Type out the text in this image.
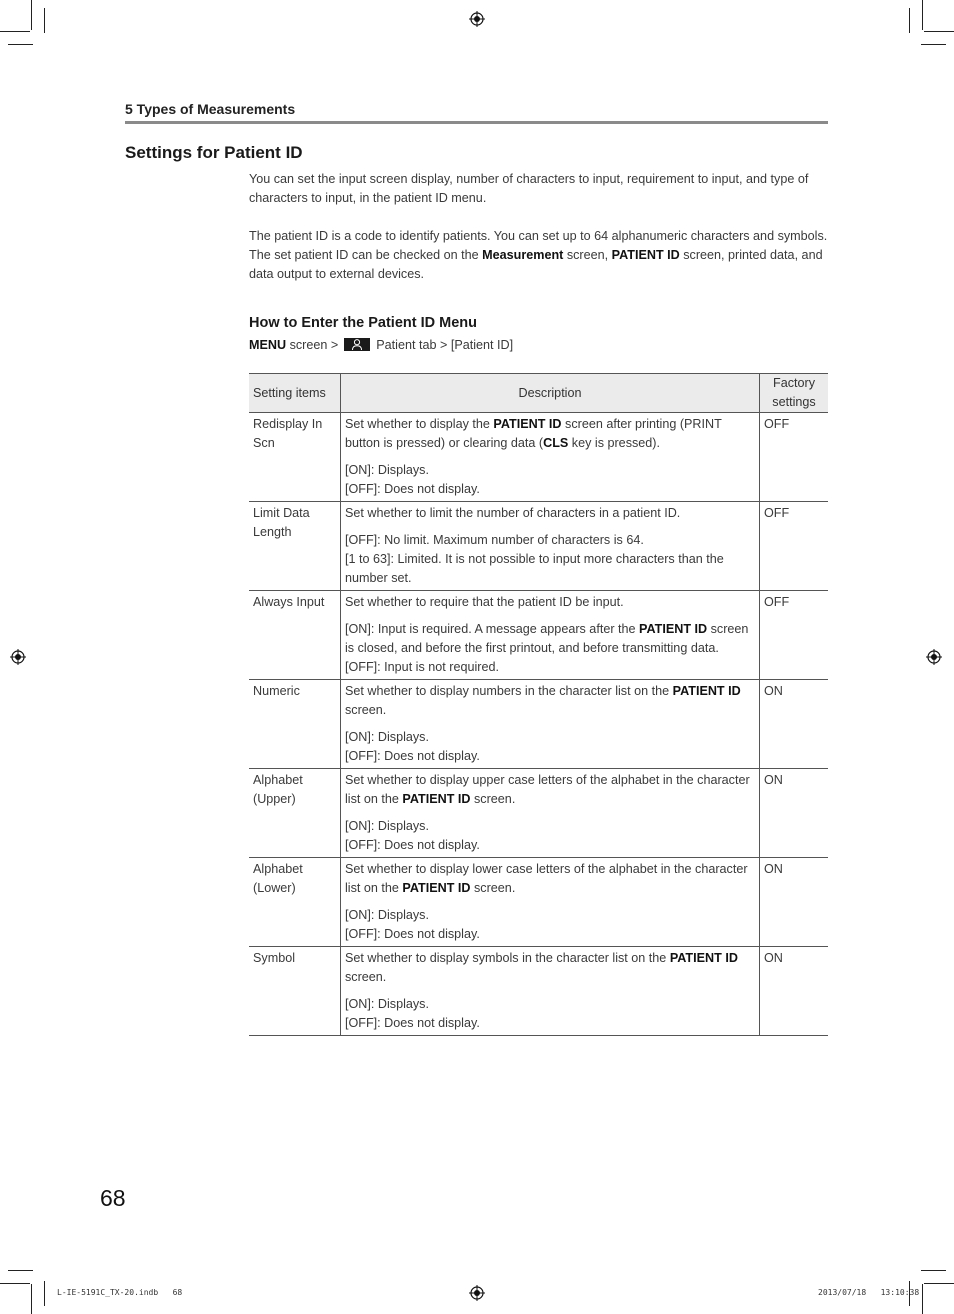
5 Types of Measurements
Settings for Patient ID
You can set the input screen display, number of characters to input, requirement to input, and type of characters to input, in the patient ID menu.
The patient ID is a code to identify patients. You can set up to 64 alphanumeric characters and symbols. The set patient ID can be checked on the Measurement screen, PATIENT ID screen, printed data, and data output to external devices.
How to Enter the Patient ID Menu
MENU screen >  Patient tab > [Patient ID]
Setting items	Description	Factory settings
Redisplay In Scn	Set whether to display the PATIENT ID screen after printing (PRINT button is pressed) or clearing data (CLS key is pressed).

[ON]: Displays.

[OFF]: Does not display.	OFF
Limit Data Length	Set whether to limit the number of characters in a patient ID.

[OFF]: No limit. Maximum number of characters is 64.

[1 to 63]: Limited. It is not possible to input more characters than the number set.	OFF
Always Input	Set whether to require that the patient ID be input.

[ON]: Input is required. A message appears after the PATIENT ID screen is closed, and before the first printout, and before transmitting data.

[OFF]: Input is not required.	OFF
Numeric	Set whether to display numbers in the character list on the PATIENT ID screen.

[ON]: Displays.

[OFF]: Does not display.	ON
Alphabet (Upper)	Set whether to display upper case letters of the alphabet in the character list on the PATIENT ID screen.

[ON]: Displays.

[OFF]: Does not display.	ON
Alphabet (Lower)	Set whether to display lower case letters of the alphabet in the character list on the PATIENT ID screen.

[ON]: Displays.

[OFF]: Does not display.	ON
Symbol	Set whether to display symbols in the character list on the PATIENT ID screen.

[ON]: Displays.

[OFF]: Does not display.	ON
68
L-IE-5191C_TX-20.indb   68	2013/07/18   13:10:38
